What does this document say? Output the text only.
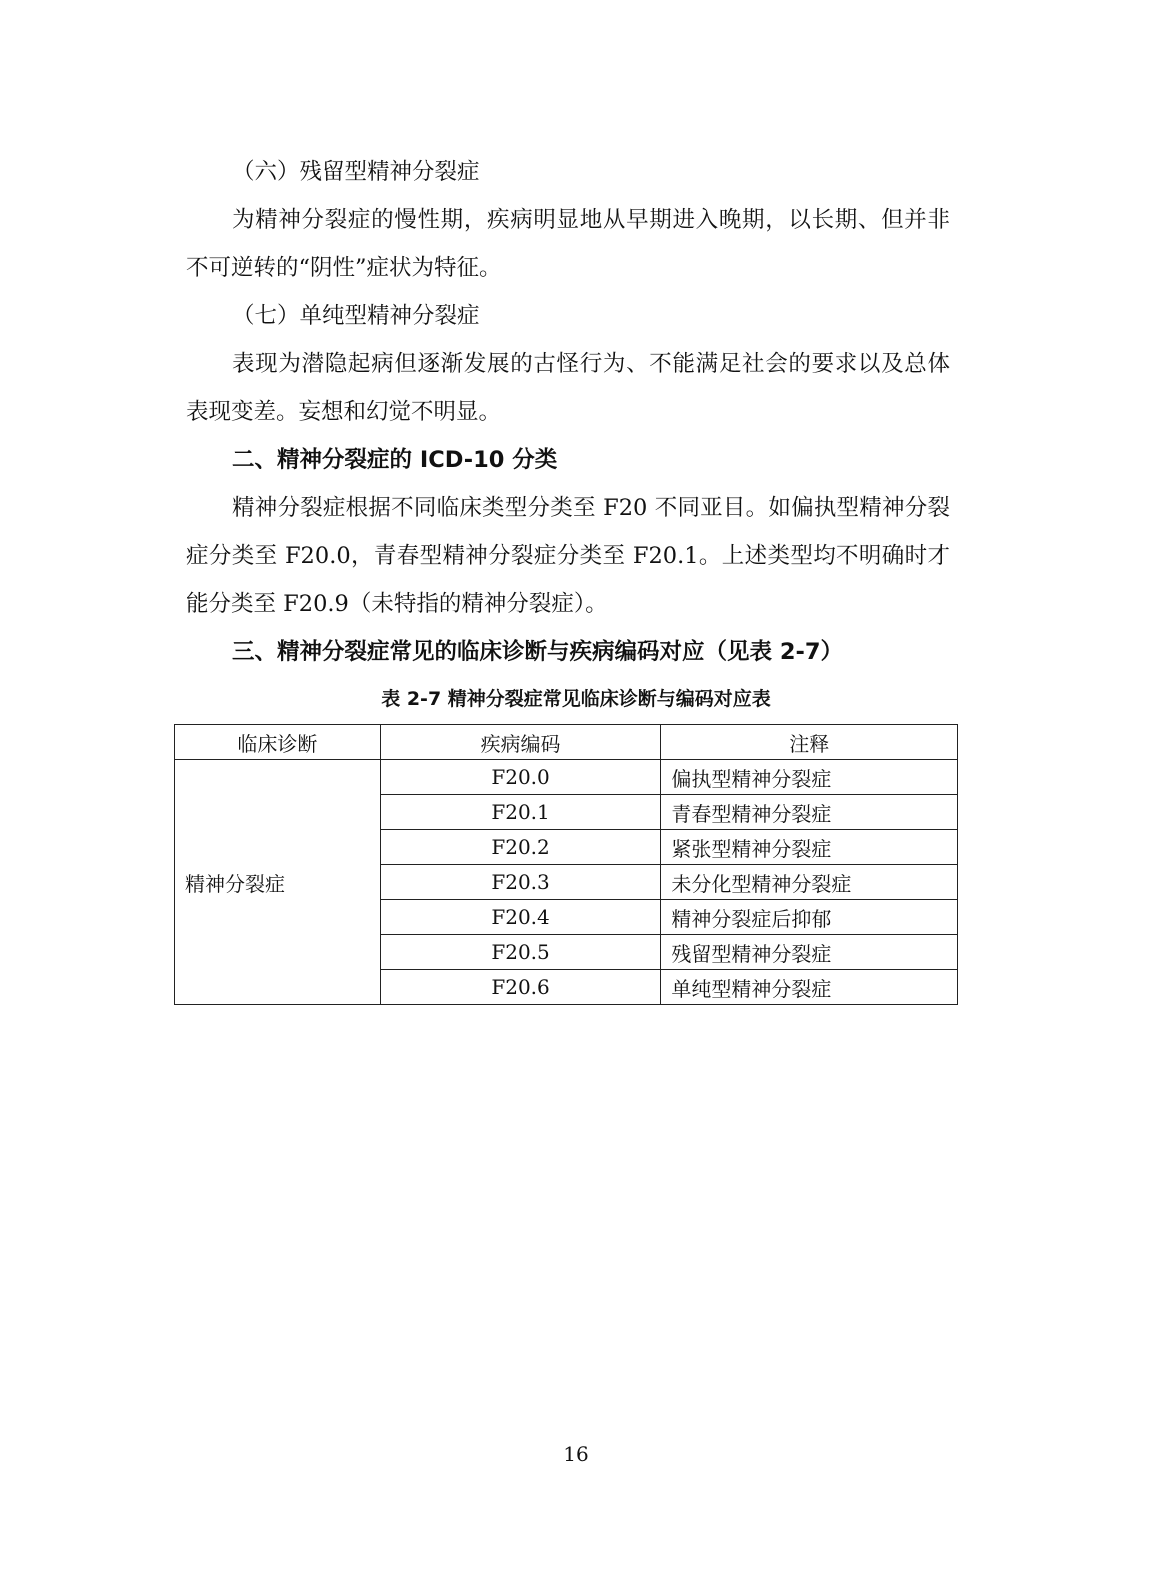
（六）残留型精神分裂症

为精神分裂症的慢性期，疾病明显地从早期进入晚期，以长期、但并非不可逆转的“阴性”症状为特征。

（七）单纯型精神分裂症

表现为潜隐起病但逐渐发展的古怪行为、不能满足社会的要求以及总体表现变差。妄想和幻觉不明显。

二、精神分裂症的 ICD-10 分类

精神分裂症根据不同临床类型分类至 F20 不同亚目。如偏执型精神分裂症分类至 F20.0，青春型精神分裂症分类至 F20.1。上述类型均不明确时才能分类至 F20.9（未特指的精神分裂症）。

三、精神分裂症常见的临床诊断与疾病编码对应（见表 2-7）

表 2-7 精神分裂症常见临床诊断与编码对应表
临床诊断	疾病编码	注释
精神分裂症	F20.0	偏执型精神分裂症
	F20.1	青春型精神分裂症
	F20.2	紧张型精神分裂症
	F20.3	未分化型精神分裂症
	F20.4	精神分裂症后抑郁
	F20.5	残留型精神分裂症
	F20.6	单纯型精神分裂症
16
